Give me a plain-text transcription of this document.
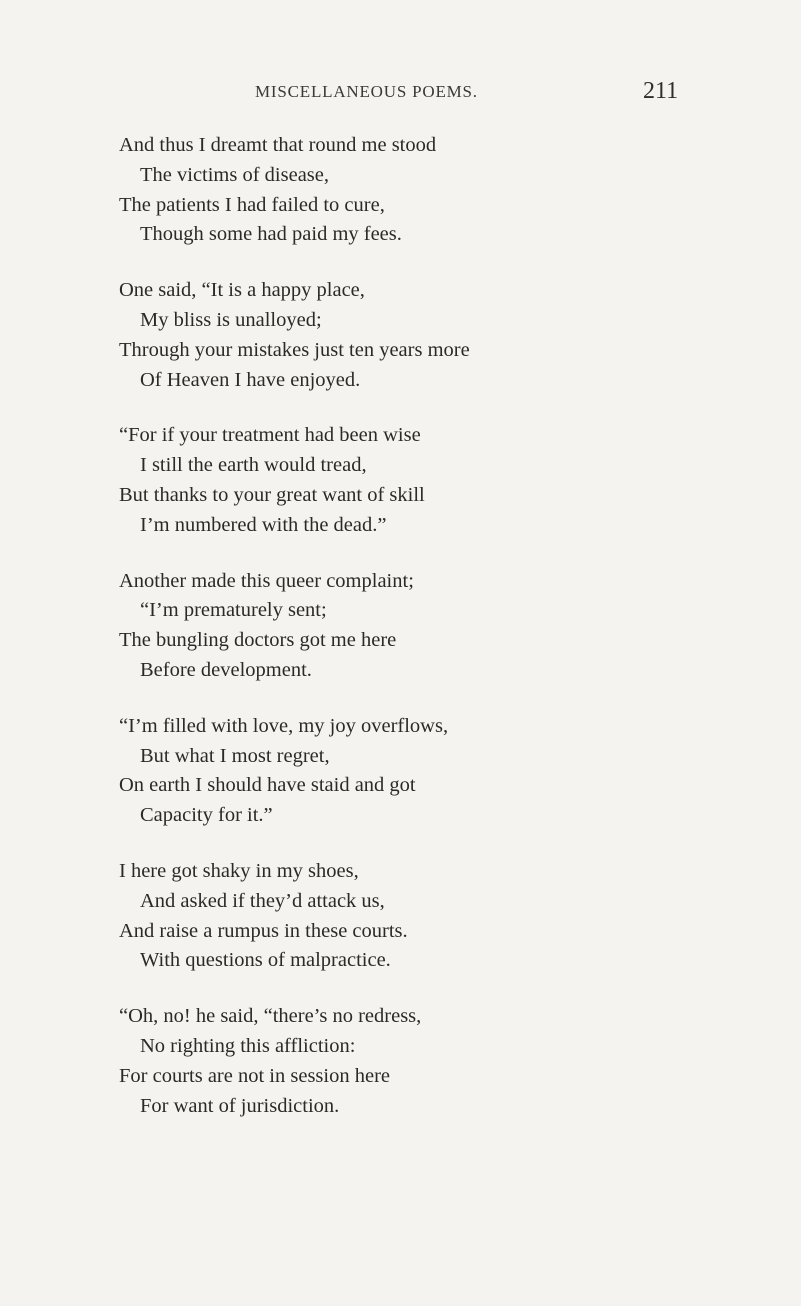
MISCELLANEOUS POEMS.	211
And thus I dreamt that round me stood
The victims of disease,
The patients I had failed to cure,
Though some had paid my fees.
One said, “It is a happy place,
My bliss is unalloyed;
Through your mistakes just ten years more
Of Heaven I have enjoyed.
“For if your treatment had been wise
I still the earth would tread,
But thanks to your great want of skill
I’m numbered with the dead.”
Another made this queer complaint;
“I’m prematurely sent;
The bungling doctors got me here
Before development.
“I’m filled with love, my joy overflows,
But what I most regret,
On earth I should have staid and got
Capacity for it.”
I here got shaky in my shoes,
And asked if they’d attack us,
And raise a rumpus in these courts.
With questions of malpractice.
“Oh, no! he said, “there’s no redress,
No righting this affliction:
For courts are not in session here
For want of jurisdiction.
